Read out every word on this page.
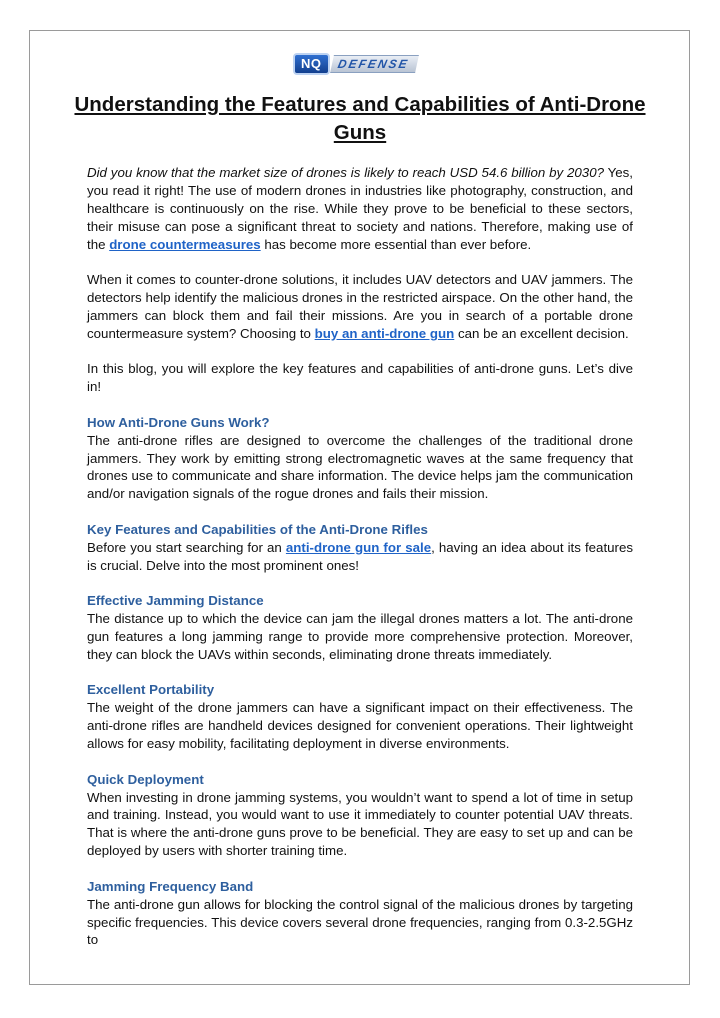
NQ	DEFENSE
Understanding the Features and Capabilities of Anti-Drone Guns

Did you know that the market size of drones is likely to reach USD 54.6 billion by 2030? Yes, you read it right! The use of modern drones in industries like photography, construction, and healthcare is continuously on the rise. While they prove to be beneficial to these sectors, their misuse can pose a significant threat to society and nations. Therefore, making use of the drone countermeasures has become more essential than ever before.

When it comes to counter-drone solutions, it includes UAV detectors and UAV jammers. The detectors help identify the malicious drones in the restricted airspace. On the other hand, the jammers can block them and fail their missions. Are you in search of a portable drone countermeasure system? Choosing to buy an anti-drone gun can be an excellent decision.

In this blog, you will explore the key features and capabilities of anti-drone guns. Let’s dive in!

How Anti-Drone Guns Work?

The anti-drone rifles are designed to overcome the challenges of the traditional drone jammers. They work by emitting strong electromagnetic waves at the same frequency that drones use to communicate and share information. The device helps jam the communication and/or navigation signals of the rogue drones and fails their mission.

Key Features and Capabilities of the Anti-Drone Rifles

Before you start searching for an anti-drone gun for sale, having an idea about its features is crucial. Delve into the most prominent ones!

Effective Jamming Distance

The distance up to which the device can jam the illegal drones matters a lot. The anti-drone gun features a long jamming range to provide more comprehensive protection. Moreover, they can block the UAVs within seconds, eliminating drone threats immediately.

Excellent Portability

The weight of the drone jammers can have a significant impact on their effectiveness. The anti-drone rifles are handheld devices designed for convenient operations. Their lightweight allows for easy mobility, facilitating deployment in diverse environments.

Quick Deployment

When investing in drone jamming systems, you wouldn’t want to spend a lot of time in setup and training. Instead, you would want to use it immediately to counter potential UAV threats. That is where the anti-drone guns prove to be beneficial. They are easy to set up and can be deployed by users with shorter training time.

Jamming Frequency Band

The anti-drone gun allows for blocking the control signal of the malicious drones by targeting specific frequencies. This device covers several drone frequencies, ranging from 0.3-2.5GHz to
